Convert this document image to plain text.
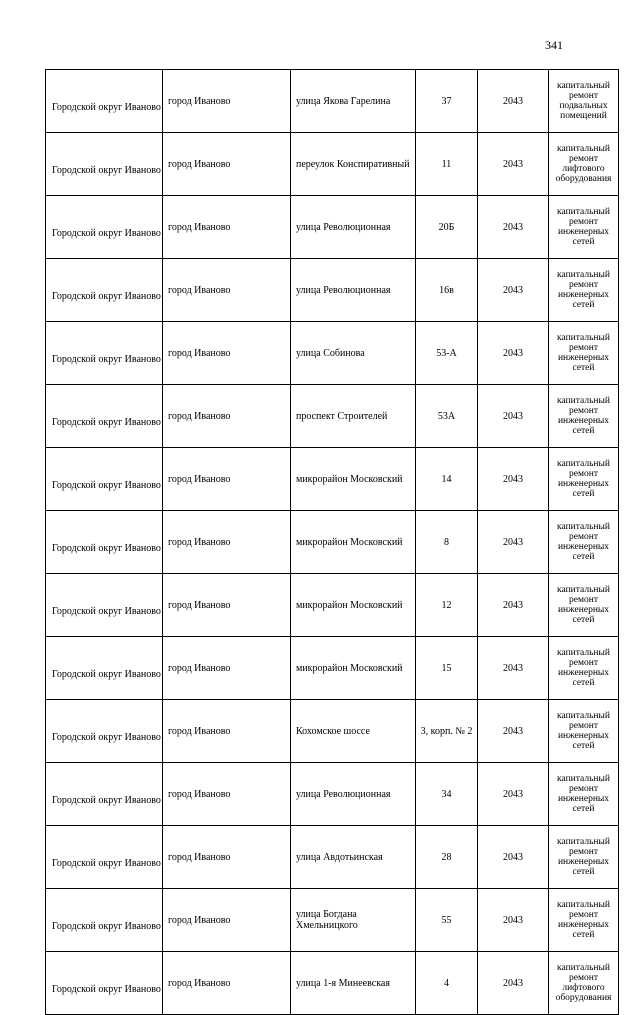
341
Городской округ Иваново	город Иваново	улица Якова Гарелина	37	2043	капитальный ремонт подвальных помещений
Городской округ Иваново	город Иваново	переулок Конспиративный	11	2043	капитальный ремонт лифтового оборудования
Городской округ Иваново	город Иваново	улица Революционная	20Б	2043	капитальный ремонт инженерных сетей
Городской округ Иваново	город Иваново	улица Революционная	16в	2043	капитальный ремонт инженерных сетей
Городской округ Иваново	город Иваново	улица Собинова	53-А	2043	капитальный ремонт инженерных сетей
Городской округ Иваново	город Иваново	проспект Строителей	53А	2043	капитальный ремонт инженерных сетей
Городской округ Иваново	город Иваново	микрорайон Московский	14	2043	капитальный ремонт инженерных сетей
Городской округ Иваново	город Иваново	микрорайон Московский	8	2043	капитальный ремонт инженерных сетей
Городской округ Иваново	город Иваново	микрорайон Московский	12	2043	капитальный ремонт инженерных сетей
Городской округ Иваново	город Иваново	микрорайон Московский	15	2043	капитальный ремонт инженерных сетей
Городской округ Иваново	город Иваново	Кохомское шоссе	3, корп. № 2	2043	капитальный ремонт инженерных сетей
Городской округ Иваново	город Иваново	улица Революционная	34	2043	капитальный ремонт инженерных сетей
Городской округ Иваново	город Иваново	улица Авдотьинская	28	2043	капитальный ремонт инженерных сетей
Городской округ Иваново	город Иваново	улица Богдана Хмельницкого	55	2043	капитальный ремонт инженерных сетей
Городской округ Иваново	город Иваново	улица 1-я Минеевская	4	2043	капитальный ремонт лифтового оборудования
